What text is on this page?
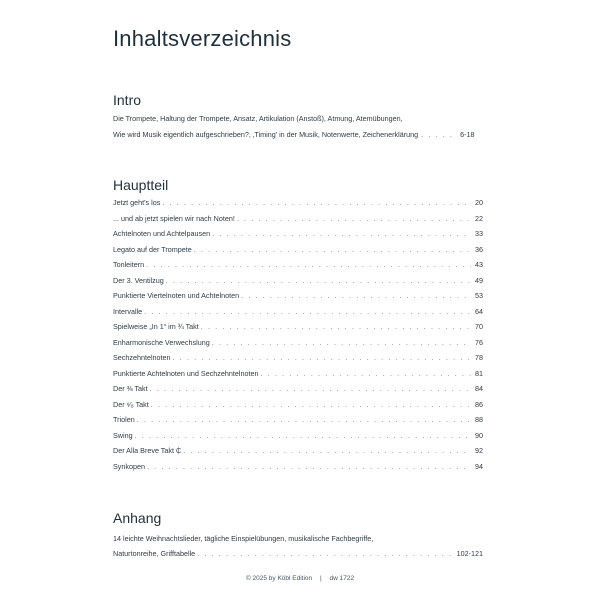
Inhaltsverzeichnis
Intro
Die Trompete, Haltung der Trompete, Ansatz, Artikulation (Anstoß), Atmung, Atemübungen,
Wie wird Musik eigentlich aufgeschrieben?, ‚Timing' in der Musik, Notenwerte, Zeichenerklärung . . .	6-18
Hauptteil
Jetzt geht's los . . .	20
... und ab jetzt spielen wir nach Noten! . . .	22
Achtelnoten und Achtelpausen . . .	33
Legato auf der Trompete . . .	36
Tonleitern . . .	43
Der 3. Ventilzug . . .	49
Punktierte Viertelnoten und Achtelnoten . . .	53
Intervalle . . .	64
Spielweise „In 1“ im ¾ Takt . . .	70
Enharmonische Verwechslung . . .	76
Sechzehntelnoten . . .	78
Punktierte Achtelnoten und Sechzehntelnoten . . .	81
Der ⅜ Takt . . .	84
Der ⁶⁄₈ Takt . . .	86
Triolen . . .	88
Swing . . .	90
Der Alla Breve Takt ₵ . . .	92
Synkopen . . .	94
Anhang
14 leichte Weihnachtslieder, tägliche Einspielübungen, musikalische Fachbegriffe,
Naturtonreihe, Grifftabelle . . .	102-121
© 2025 by Köbl Edition | dw 1722
